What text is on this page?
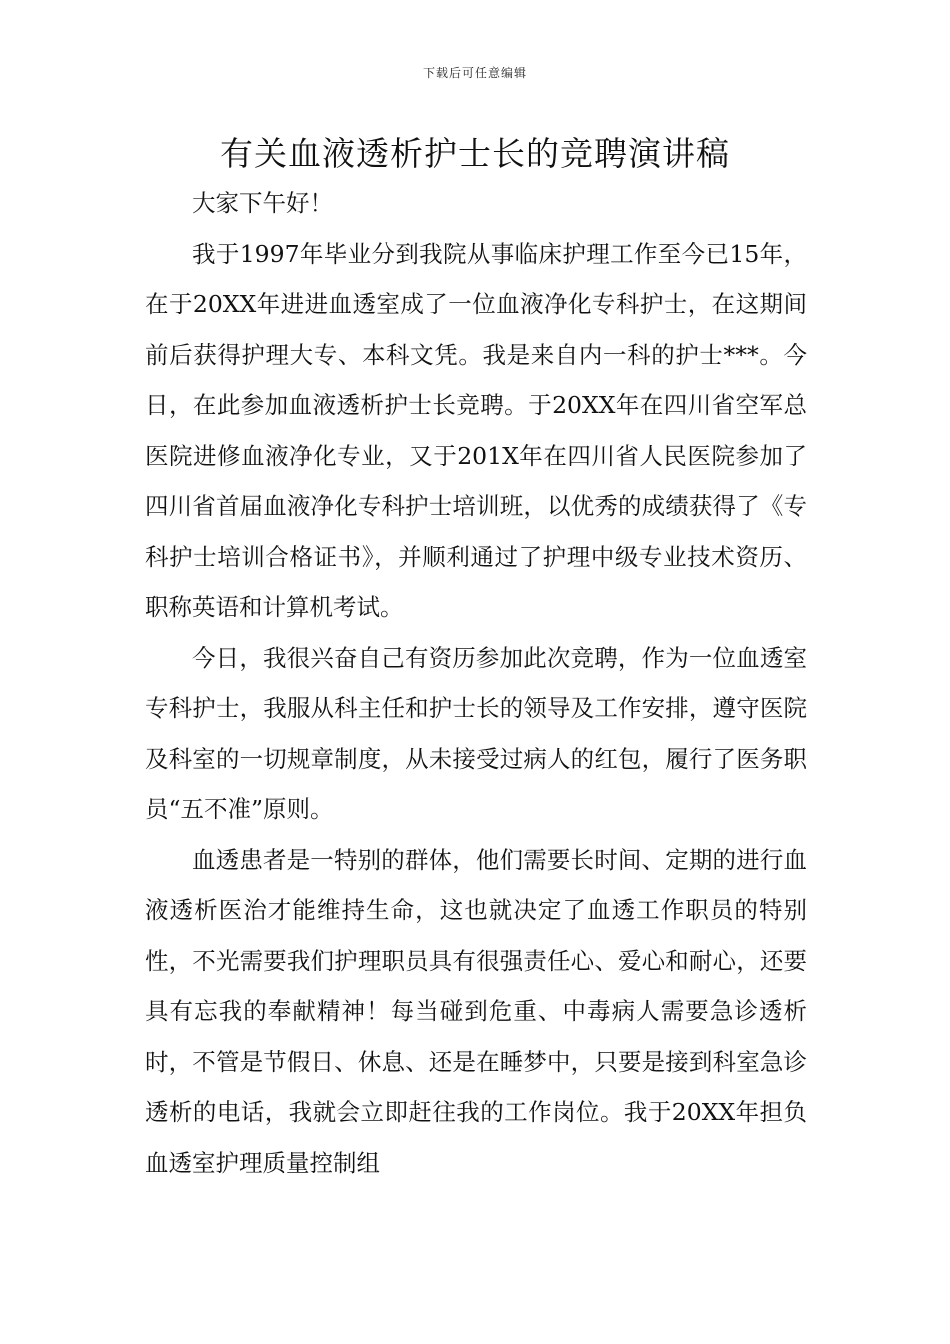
下载后可任意编辑
有关血液透析护士长的竞聘演讲稿

大家下午好！

我于1997年毕业分到我院从事临床护理工作至今已15年，在于20XX年进进血透室成了一位血液净化专科护士，在这期间前后获得护理大专、本科文凭。我是来自内一科的护士***。今日，在此参加血液透析护士长竞聘。于20XX年在四川省空军总医院进修血液净化专业，又于201X年在四川省人民医院参加了四川省首届血液净化专科护士培训班，以优秀的成绩获得了《专科护士培训合格证书》，并顺利通过了护理中级专业技术资历、职称英语和计算机考试。

今日，我很兴奋自己有资历参加此次竞聘，作为一位血透室专科护士，我服从科主任和护士长的领导及工作安排，遵守医院及科室的一切规章制度，从未接受过病人的红包，履行了医务职员“五不准”原则。

血透患者是一特别的群体，他们需要长时间、定期的进行血液透析医治才能维持生命，这也就决定了血透工作职员的特别性，不光需要我们护理职员具有很强责任心、爱心和耐心，还要具有忘我的奉献精神！每当碰到危重、中毒病人需要急诊透析时，不管是节假日、休息、还是在睡梦中，只要是接到科室急诊透析的电话，我就会立即赶往我的工作岗位。我于20XX年担负血透室护理质量控制组
